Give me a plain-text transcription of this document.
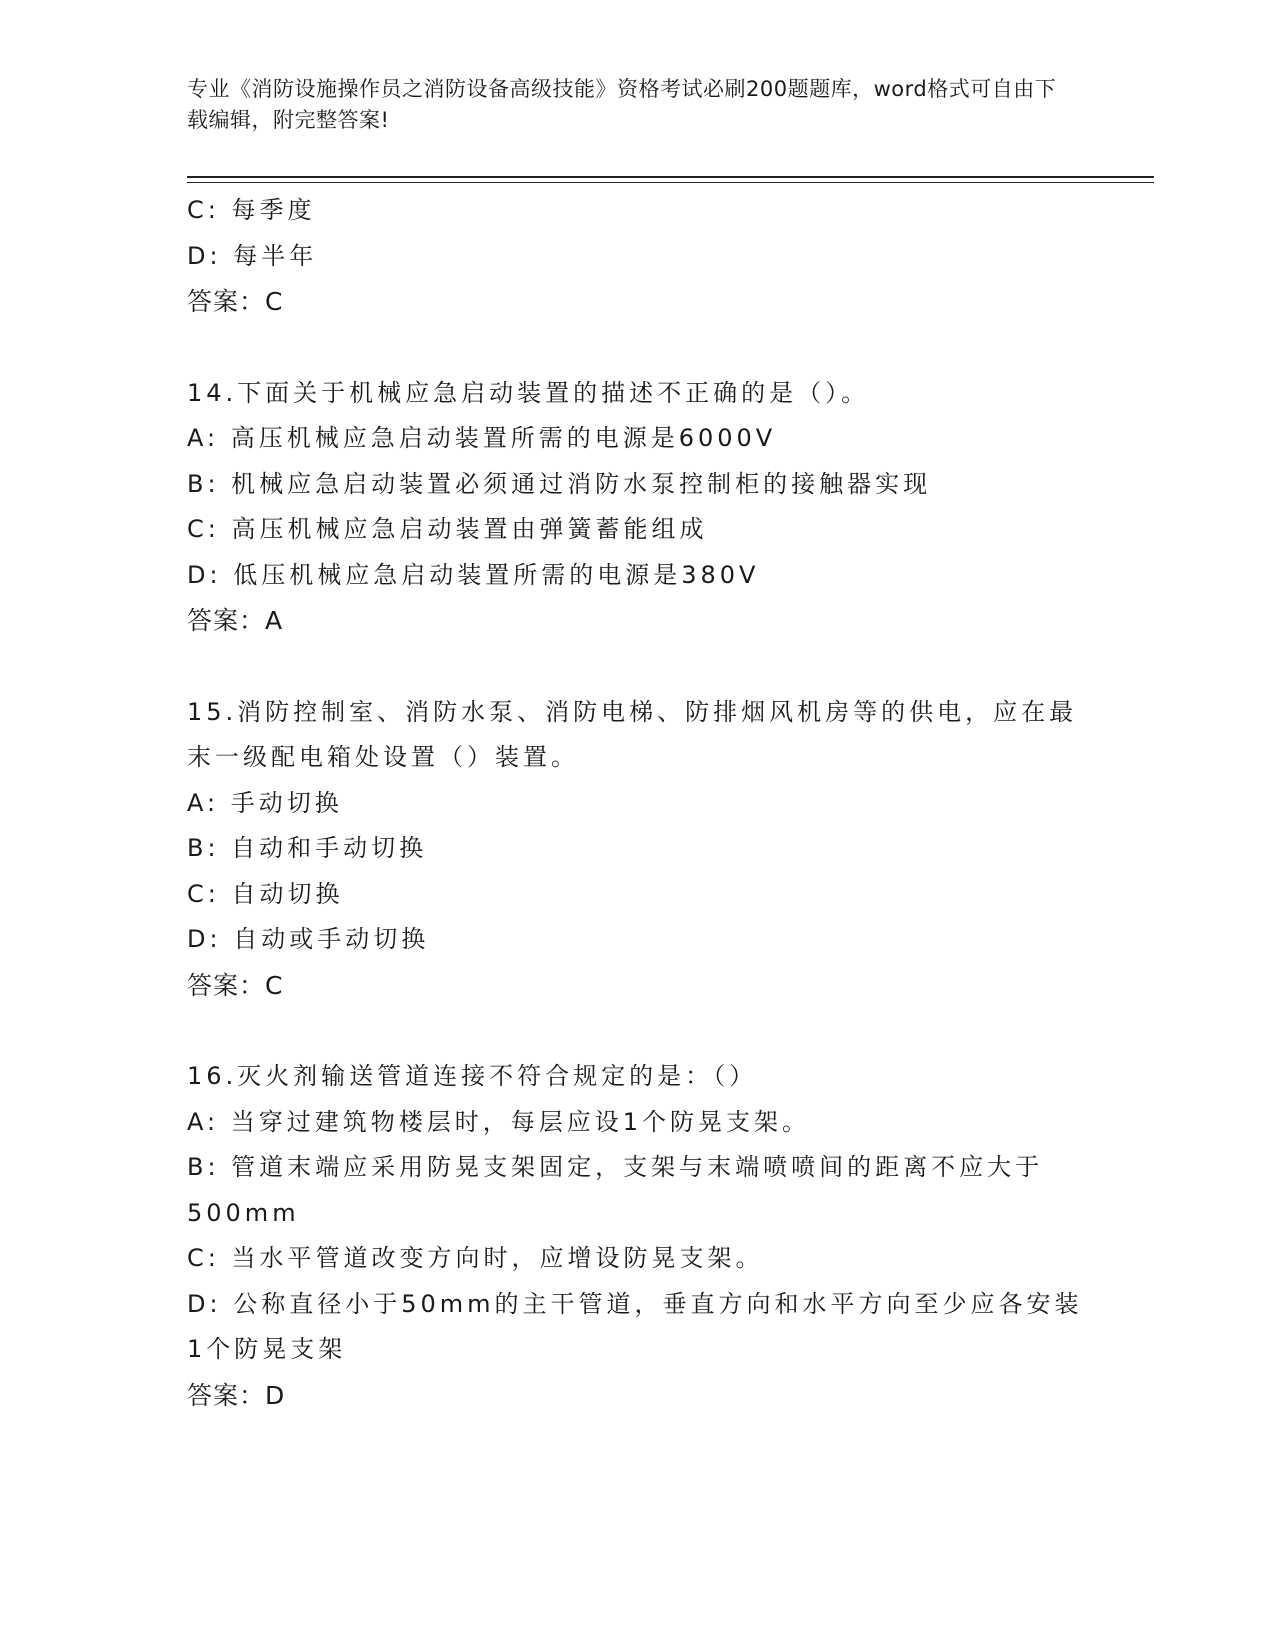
专业《消防设施操作员之消防设备高级技能》资格考试必刷200题题库，word格式可自由下载编辑，附完整答案!
C: 每季度
D: 每半年
答案：C
14.下面关于机械应急启动装置的描述不正确的是（）。
A: 高压机械应急启动装置所需的电源是6000V
B: 机械应急启动装置必须通过消防水泵控制柜的接触器实现
C: 高压机械应急启动装置由弹簧蓄能组成
D: 低压机械应急启动装置所需的电源是380V
答案：A
15.消防控制室、消防水泵、消防电梯、防排烟风机房等的供电，应在最末一级配电箱处设置（）装置。
A: 手动切换
B: 自动和手动切换
C: 自动切换
D: 自动或手动切换
答案：C
16.灭火剂输送管道连接不符合规定的是：（）
A: 当穿过建筑物楼层时，每层应设1个防晃支架。
B: 管道末端应采用防晃支架固定，支架与末端喷喷间的距离不应大于500mm
C: 当水平管道改变方向时，应增设防晃支架。
D: 公称直径小于50mm的主干管道，垂直方向和水平方向至少应各安装1个防晃支架
答案：D
